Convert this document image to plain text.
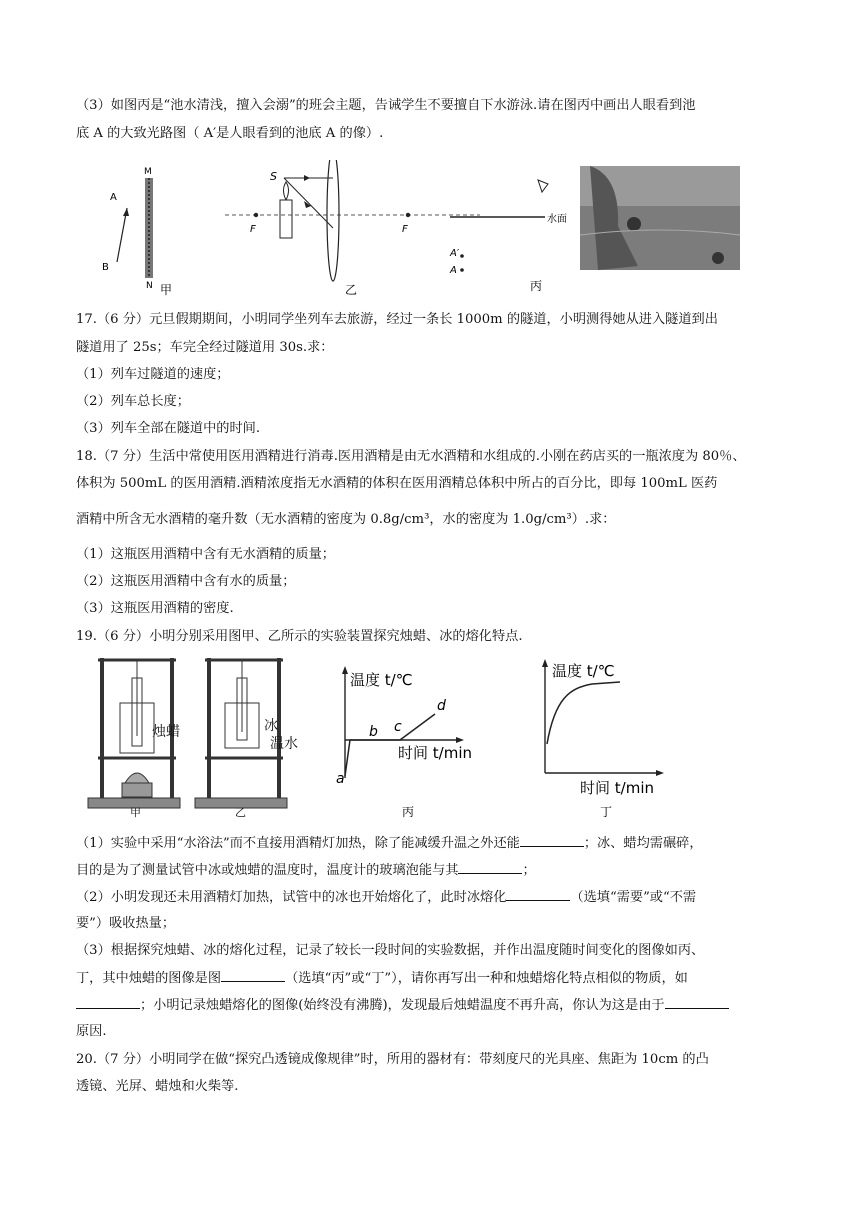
（3）如图丙是“池水清浅，擅入会溺”的班会主题，告诫学生不要擅自下水游泳.请在图丙中画出人眼看到池
底 A 的大致光路图（ A′是人眼看到的池底 A 的像）.
A
B
M
N 甲
F	F
S
乙
水面
A′
A
丙
17.（6 分）元旦假期期间，小明同学坐列车去旅游，经过一条长 1000m 的隧道，小明测得她从进入隧道到出
隧道用了 25s；车完全经过隧道用 30s.求：
（1）列车过隧道的速度；
（2）列车总长度；
（3）列车全部在隧道中的时间.
18.（7 分）生活中常使用医用酒精进行消毒.医用酒精是由无水酒精和水组成的.小刚在药店买的一瓶浓度为 80％、
体积为 500mL 的医用酒精.酒精浓度指无水酒精的体积在医用酒精总体积中所占的百分比，即每 100mL 医药
酒精中所含无水酒精的毫升数（无水酒精的密度为 0.8g/cm³，水的密度为 1.0g/cm³）.求：
（1）这瓶医用酒精中含有无水酒精的质量；
（2）这瓶医用酒精中含有水的质量；
（3）这瓶医用酒精的密度.
19.（6 分）小明分别采用图甲、乙所示的实验装置探究烛蜡、冰的熔化特点.
烛蜡
甲
冰
温水
乙
温度 t/℃
时间 t/min
a
b c
d
丙
温度 t/℃
时间 t/min
丁
（1）实验中采用“水浴法”而不直接用酒精灯加热，除了能减缓升温之外还能	；冰、蜡均需碾碎，
目的是为了测量试管中冰或烛蜡的温度时，温度计的玻璃泡能与其	；
（2）小明发现还未用酒精灯加热，试管中的冰也开始熔化了，此时冰熔化	（选填“需要”或“不需
要”）吸收热量；
（3）根据探究烛蜡、冰的熔化过程，记录了较长一段时间的实验数据，并作出温度随时间变化的图像如丙、
丁，其中烛蜡的图像是图	（选填“丙”或“丁”），请你再写出一种和烛蜡熔化特点相似的物质，如
；小明记录烛蜡熔化的图像(始终没有沸腾)，发现最后烛蜡温度不再升高，你认为这是由于
原因.
20.（7 分）小明同学在做“探究凸透镜成像规律”时，所用的器材有：带刻度尺的光具座、焦距为 10cm 的凸
透镜、光屏、蜡烛和火柴等.
